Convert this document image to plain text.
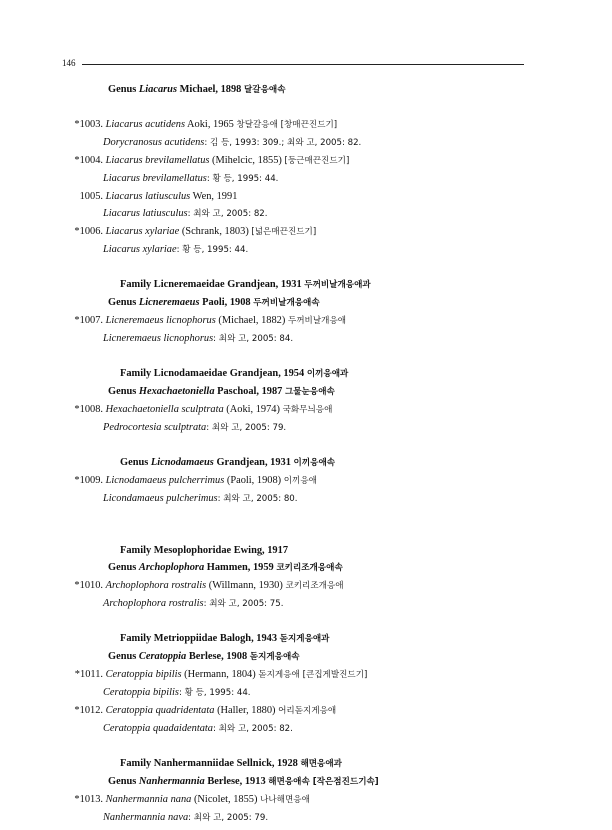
146
Genus Liacarus Michael, 1898 달갈응애속
*1003. Liacarus acutidens Aoki, 1965 창달갈응애 [창매끈진드기]
Dorycranosus acutidens: 김 등, 1993: 309.; 최와 고, 2005: 82.
*1004. Liacarus brevilamellatus (Mihelcic, 1855) [둥근매끈진드기]
Liacarus brevilamellatus: 황 등, 1995: 44.
1005. Liacarus latiusculus Wen, 1991
Liacarus latiusculus: 최와 고, 2005: 82.
*1006. Liacarus xylariae (Schrank, 1803) [넓은매끈진드기]
Liacarus xylariae: 황 등, 1995: 44.
Family Licneremaeidae Grandjean, 1931 두꺼비날개응애과
Genus Licneremaeus Paoli, 1908 두꺼비날개응애속
*1007. Licneremaeus licnophorus (Michael, 1882) 두꺼비날개응애
Licneremaeus licnophorus: 최와 고, 2005: 84.
Family Licnodamaeidae Grandjean, 1954 이끼응애과
Genus Hexachaetoniella Paschoal, 1987 그물눈응애속
*1008. Hexachaetoniella sculptrata (Aoki, 1974) 국화무늬응애
Pedrocortesia sculptrata: 최와 고, 2005: 79.
Genus Licnodamaeus Grandjean, 1931 이끼응애속
*1009. Licnodamaeus pulcherrimus (Paoli, 1908) 이끼응애
Licondamaeus pulcherimus: 최와 고, 2005: 80.
Family Mesoplophoridae Ewing, 1917
Genus Archoplophora Hammen, 1959 코키리조개응애속
*1010. Archoplophora rostralis (Willmann, 1930) 코키리조개응애
Archoplophora rostralis: 최와 고, 2005: 75.
Family Metrioppiidae Balogh, 1943 돋지게응애과
Genus Ceratoppia Berlese, 1908 돋지게응애속
*1011. Ceratoppia bipilis (Hermann, 1804) 돋지게응애 [큰집게발진드기]
Ceratoppia bipilis: 황 등, 1995: 44.
*1012. Ceratoppia quadridentata (Haller, 1880) 어리돋지게응애
Ceratoppia quadaidentata: 최와 고, 2005: 82.
Family Nanhermanniidae Sellnick, 1928 해면응애과
Genus Nanhermannia Berlese, 1913 해면응애속 [작은점진드기속]
*1013. Nanhermannia nana (Nicolet, 1855) 나나해면응애
Nanhermannia nava: 최와 고, 2005: 79.
